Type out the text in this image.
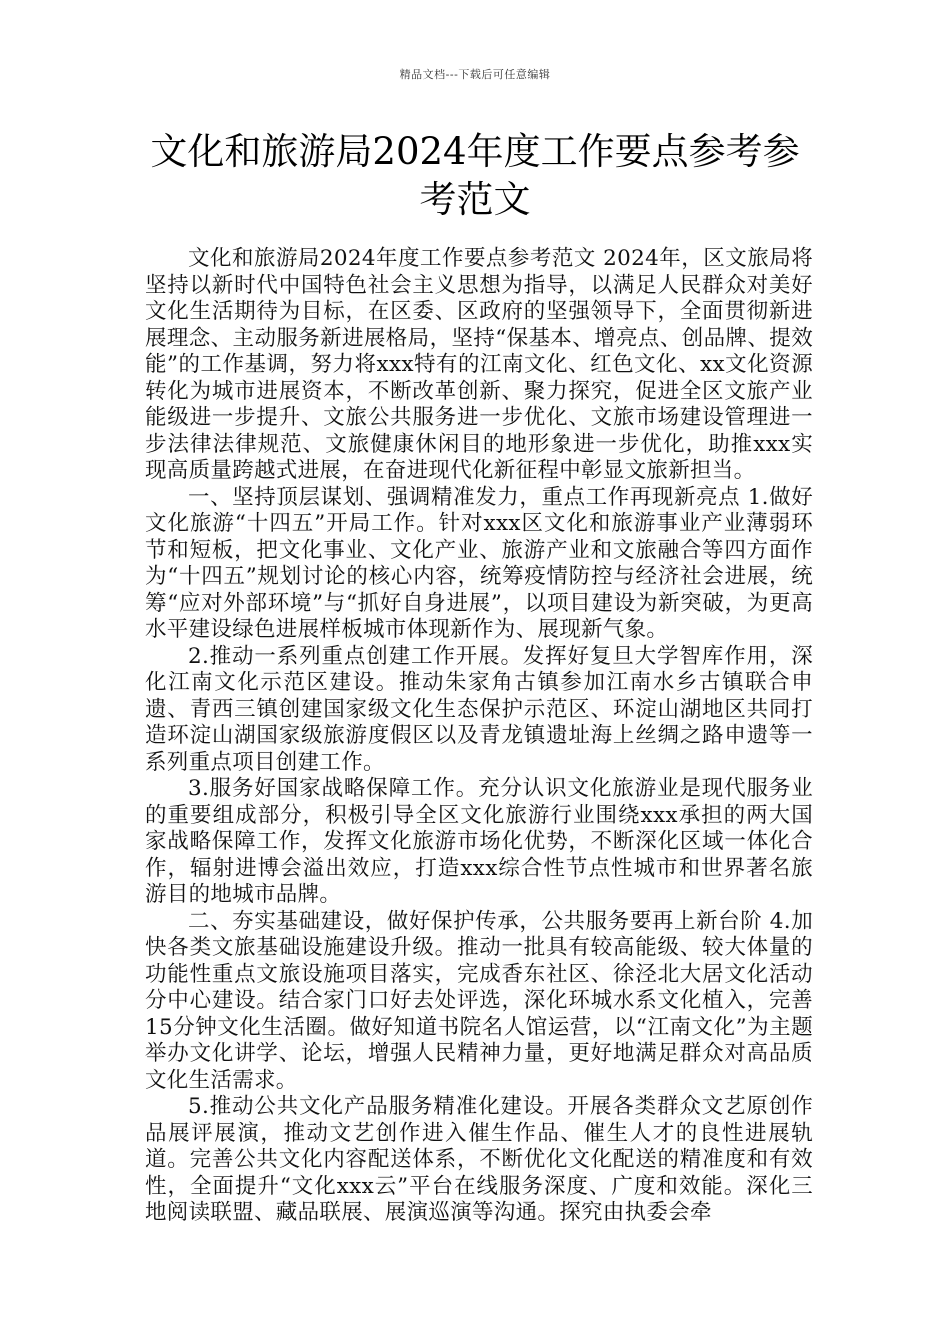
精品文档---下载后可任意编辑
文化和旅游局2024年度工作要点参考参考范文

文化和旅游局2024年度工作要点参考范文 2024年，区文旅局将坚持以新时代中国特色社会主义思想为指导，以满足人民群众对美好文化生活期待为目标，在区委、区政府的坚强领导下，全面贯彻新进展理念、主动服务新进展格局，坚持“保基本、增亮点、创品牌、提效能”的工作基调，努力将xxx特有的江南文化、红色文化、xx文化资源转化为城市进展资本，不断改革创新、聚力探究，促进全区文旅产业能级进一步提升、文旅公共服务进一步优化、文旅市场建设管理进一步法律法律规范、文旅健康休闲目的地形象进一步优化，助推xxx实现高质量跨越式进展，在奋进现代化新征程中彰显文旅新担当。

一、坚持顶层谋划、强调精准发力，重点工作再现新亮点 1.做好文化旅游“十四五”开局工作。针对xxx区文化和旅游事业产业薄弱环节和短板，把文化事业、文化产业、旅游产业和文旅融合等四方面作为“十四五”规划讨论的核心内容，统筹疫情防控与经济社会进展，统筹“应对外部环境”与“抓好自身进展”，以项目建设为新突破，为更高水平建设绿色进展样板城市体现新作为、展现新气象。

2.推动一系列重点创建工作开展。发挥好复旦大学智库作用，深化江南文化示范区建设。推动朱家角古镇参加江南水乡古镇联合申遗、青西三镇创建国家级文化生态保护示范区、环淀山湖地区共同打造环淀山湖国家级旅游度假区以及青龙镇遗址海上丝绸之路申遗等一系列重点项目创建工作。

3.服务好国家战略保障工作。充分认识文化旅游业是现代服务业的重要组成部分，积极引导全区文化旅游行业围绕xxx承担的两大国家战略保障工作，发挥文化旅游市场化优势，不断深化区域一体化合作，辐射进博会溢出效应，打造xxx综合性节点性城市和世界著名旅游目的地城市品牌。

二、夯实基础建设，做好保护传承，公共服务要再上新台阶 4.加快各类文旅基础设施建设升级。推动一批具有较高能级、较大体量的功能性重点文旅设施项目落实，完成香东社区、徐泾北大居文化活动分中心建设。结合家门口好去处评选，深化环城水系文化植入，完善15分钟文化生活圈。做好知道书院名人馆运营，以“江南文化”为主题举办文化讲学、论坛，增强人民精神力量，更好地满足群众对高品质文化生活需求。

5.推动公共文化产品服务精准化建设。开展各类群众文艺原创作品展评展演，推动文艺创作进入催生作品、催生人才的良性进展轨道。完善公共文化内容配送体系，不断优化文化配送的精准度和有效性，全面提升“文化xxx云”平台在线服务深度、广度和效能。深化三地阅读联盟、藏品联展、展演巡演等沟通。探究由执委会牵
